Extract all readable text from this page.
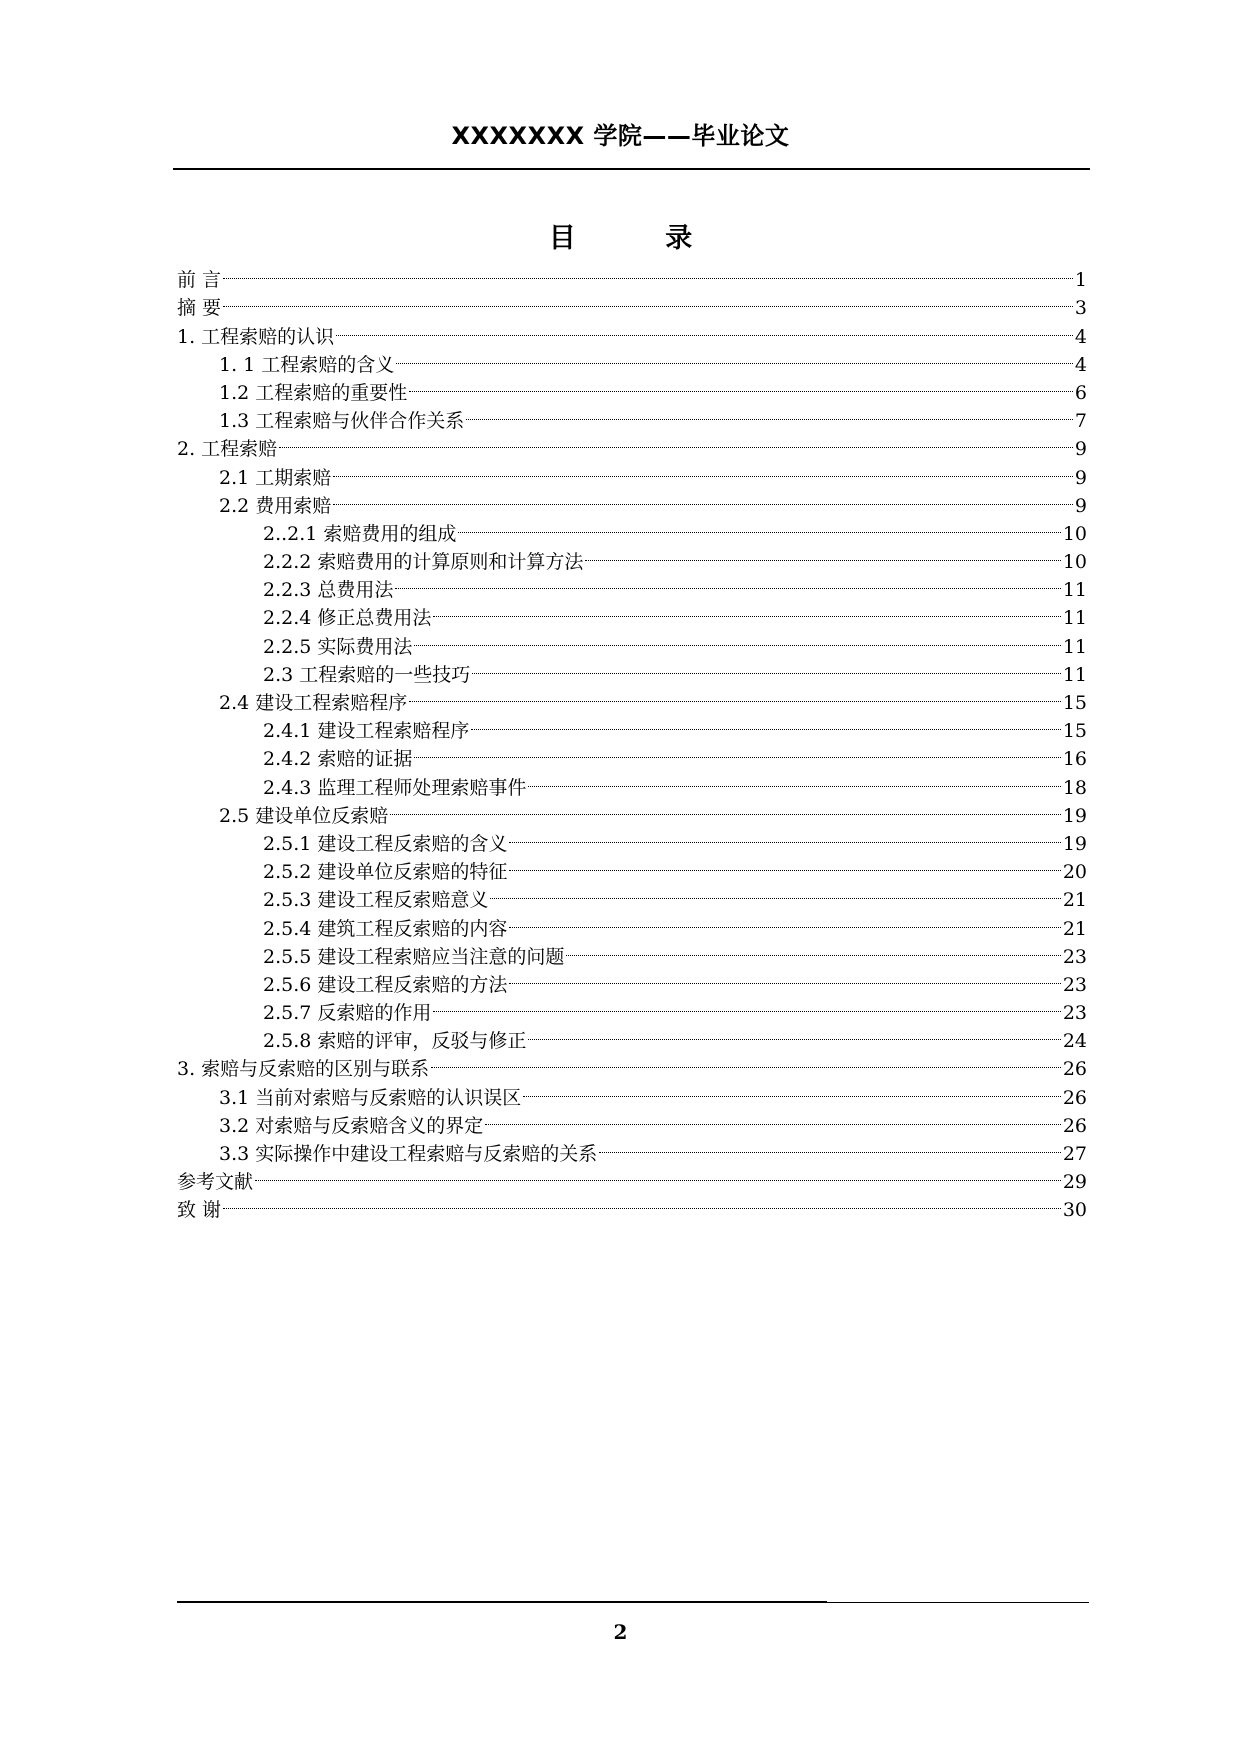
XXXXXXX 学院——毕业论文
目 录
前 言	1
摘 要	3
1. 工程索赔的认识	4
1. 1 工程索赔的含义	4
1.2 工程索赔的重要性	6
1.3 工程索赔与伙伴合作关系	7
2. 工程索赔	9
2.1 工期索赔	9
2.2 费用索赔	9
2..2.1 索赔费用的组成	10
2.2.2 索赔费用的计算原则和计算方法	10
2.2.3 总费用法	11
2.2.4 修正总费用法	11
2.2.5 实际费用法	11
2.3 工程索赔的一些技巧	11
2.4 建设工程索赔程序	15
2.4.1 建设工程索赔程序	15
2.4.2 索赔的证据	16
2.4.3 监理工程师处理索赔事件	18
2.5 建设单位反索赔	19
2.5.1 建设工程反索赔的含义	19
2.5.2 建设单位反索赔的特征	20
2.5.3 建设工程反索赔意义	21
2.5.4 建筑工程反索赔的内容	21
2.5.5 建设工程索赔应当注意的问题	23
2.5.6 建设工程反索赔的方法	23
2.5.7 反索赔的作用	23
2.5.8 索赔的评审，反驳与修正	24
3. 索赔与反索赔的区别与联系	26
3.1 当前对索赔与反索赔的认识误区	26
3.2 对索赔与反索赔含义的界定	26
3.3 实际操作中建设工程索赔与反索赔的关系	27
参考文献	29
致 谢	30
2
